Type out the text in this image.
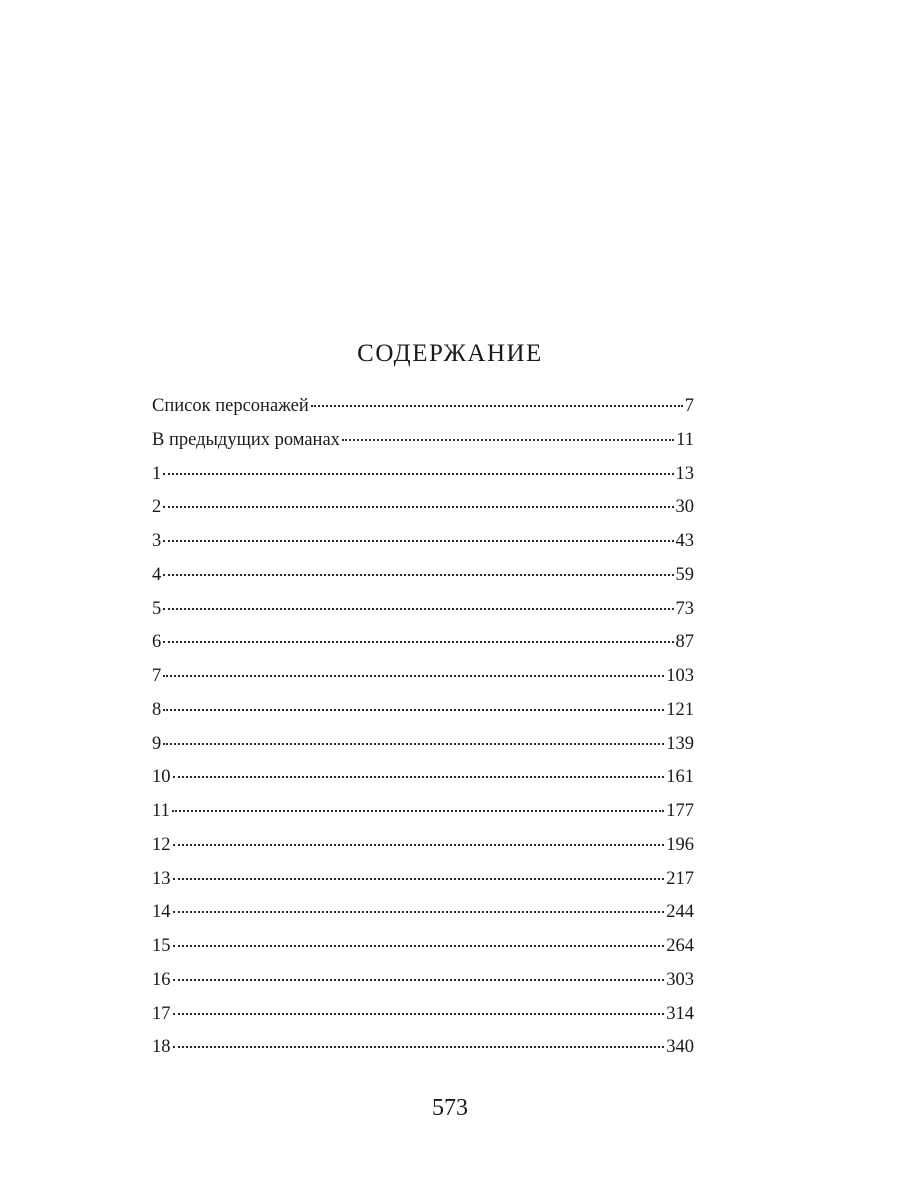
СОДЕРЖАНИЕ
Список персонажей	7
В предыдущих романах	11
1	13
2	30
3	43
4	59
5	73
6	87
7	103
8	121
9	139
10	161
11	177
12	196
13	217
14	244
15	264
16	303
17	314
18	340

573
